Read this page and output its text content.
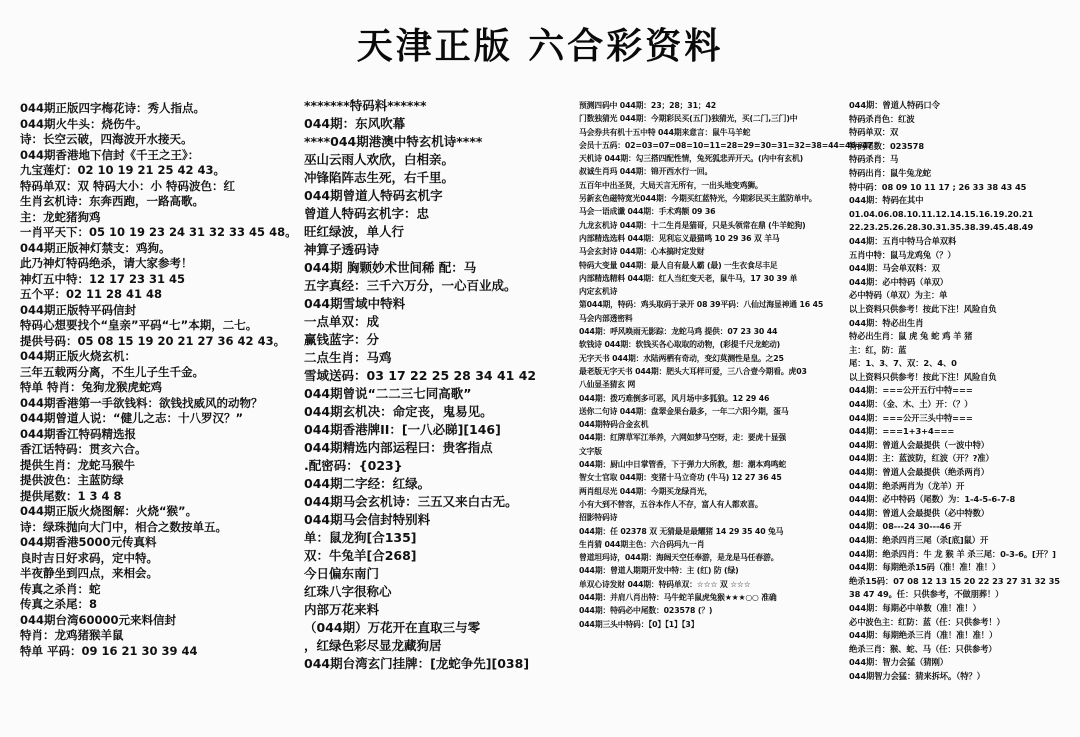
天津正版 六合彩资料
044期正版四字梅花诗：秀人指点。
044期火牛头：烧伤牛。
诗：长空云破，四海波开水接天。
044期香港地下信封《千王之王》：
九宝莲灯：02 10 19 21 25 42 43。
特码单双：双 特码大小：小 特码波色：红
生肖玄机诗：东奔西跑，一路高歌。
主：龙蛇猪狗鸡
一肖平天下：05 10 19 23 24 31 32 33 45 48。
044期正版神灯禁支：鸡狗。
此乃神灯特码绝杀，请大家参考！
神灯五中特：12 17 23 31 45
五个平：02 11 28 41 48
044期正版特平码信封
特码心想要找个“皇亲”平码“七”本期，二七。
提供号码：05 08 15 19 20 21 27 36 42 43。
044期正版火烧玄机：
三年五载两分离，不生儿子生千金。
特单 特肖：兔狗龙猴虎蛇鸡
044期香港第一手欲钱料：欲钱找威风的动物？
044期曾道人说：“健儿之志：十八罗汉？”
044期香江特码精选报
香江话特码：贯亥六合。
提供生肖：龙蛇马猴牛
提供波色：主蓝防绿
提供尾数：1 3 4 8
044期正版火烧图解：火烧“猴”。
诗：绿珠抛向大门中，相合之数按单五。
044期香港5000元传真料
良时吉日好求码，定中特。
半夜静坐到四点，来相会。
传真之杀肖：蛇
传真之杀尾：8
044期台湾60000元来料信封
特肖：龙鸡猪猴羊鼠
特单 平码：09 16 21 30 39 44
*******特码料******
044期：东风吹幕
****044期港澳中特玄机诗****
巫山云雨人欢欣，白相亲。
冲锋陷阵志生死，右千里。
044期曾道人特码玄机字
曾道人特码玄机字：忠
旺红绿波，单人行
神算子透码诗
044期 胸颗妙术世间稀 配：马
五字真经：三千六万分，一心百业成。
044期雪域中特料
一点单双：成
赢钱蓝字：分
二点生肖：马鸡
雪域送码：03 17 22 25 28 34 41 42
044期曾说“二二三七同高歌”
044期玄机决：命定丧，鬼易见。
044期香港牌II：[一八必睇][146]
044期精选内部运程曰：贵客指点
.配密码：{023}
044期二字经：红绿。
044期马会玄机诗：三五又来白古无。
044期马会信封特别料
单：鼠龙狗[合135]
双：牛兔羊[合268]
今日偏东南门
红珠八字很称心
内部万花来料
（044期）万花开在直取三与零
，红绿色彩尽显龙藏狗居
044期台湾玄门挂牌：[龙蛇争先][038]
预测四码中 044期：23；28；31；42
门数独猜光 044期：今期彩民买(五门)独猜光，买(二门,三门)中
马会券共有机十五中特 044期来意言：鼠牛马羊蛇
会员十五码：02=03=07=08=10=11=28=29=30=31=32=38=44=46=47
天机诗 044期：勾三搭四配性情，兔死狐悲弄开天。(内中有玄机)
叔诚生肖玛 044期：锦开西水行一回。
五百年中出圣贤，大局天言无所有，一出头地变鸡狮。
另新玄色磁特宽光044期：今期买红蓝特光，今期彩民买主蓝防单中。
马会一语成谶 044期：手术鸡额 09 36
九龙玄机诗 044期：十二生肖是猫哥，只是头领常在鼎 (牛羊蛇狗)
内部精选选料 044期：见利忘义最猫鸣 10 29 36 双 羊马
马会玄封诗 044期：心本搞时定发财
特码大变量 044期：最人自有最人霸 (最) 一生衣食尽丰足
内部精选精料 044期：红人当红变天老，鼠牛马，17 30 39 单
内定玄机诗
第044期，特码：鸡头取码于录开 08 39平码：八仙过海显神通 16 45
马会内部透密料
044期：呼风唤雨无影踪：龙蛇马鸡 提供：07 23 30 44
软钱诗 044期：软钱买各心取取的动物，(彩提千尺龙蛇动)
无字天书 044期：水陆两栖有奇动，变幻莫测性是皇。之25
最老版无字天书 044期：肥头大耳样可爱，三八合壹今期看。虎03
八仙显圣猜玄 网
044期：拨巧难倒多可恶，风月场中多狐狼。12 29 46
送你二句诗 044期：盘翠金果台最多，一年二六阳今期，蛋马
044期特码合金玄机
044期：红牌草军江举养，六网如梦马空呀，走：要虎十显强
文字版
044期：厨山中日掌管香，下于弹力大所教，想：潮本鸡鸣蛇
智女士官取 044期：变猪十马立奇功 (牛马) 12 27 36 45
两肖组尽光 044期：今期买龙绿肖光，
小有大到不替容，五谷本作人不存，富人有人都欢喜。
招影特码诗
044期：任 02378 双 无猜最是最耀猪 14 29 35 40 兔马
生肖猜 044期主色：六合码玛九一肖
曾道坦玛诗，044期：海阔天空任奉游，是龙是马任春游。
044期：曾道人期期开发中特：主 (红) 防 (绿)
单双心诗发财 044期：特码单双：☆☆☆ 双 ☆☆☆
044期：并肩八肖出特：马牛蛇羊鼠虎兔猴★★★○○ 准确
044期：特码必中尾数：023578 (？)
044期三头中特码：【0】【1】【3】
044期：曾道人特码口令
特码杀肖色：红波
特码单双：双
特码尾数：023578
特码杀肖：马
特码出肖：鼠牛兔龙蛇
特中码：08 09 10 11 17 ; 26 33 38 43 45
044期：特码在其中
01.04.06.08.10.11.12.14.15.16.19.20.21
22.23.25.26.28.30.31.35.38.39.45.48.49
044期：五肖中特马合单双料
五肖中特：鼠马龙鸡兔（？）
044期：马会单双料：双
044期：必中特码（单双）
必中特码（单双）为主：单
以上资料只供参考！按此下注！风险自负
044期：特必出生肖
特必出生肖：鼠 虎 兔 蛇 鸡 羊 猪
主：红，防：蓝
尾：1、3、7、双：2、4、0
以上资料只供参考！按此下注！风险自负
044期：===公开五行中特===
044期：（金、木、土）开：（？）
044期：===公开三头中特===
044期：===1+3+4===
044期：曾道人会最提供（一波中特）
044期：主：蓝波防，红波（开？?准）
044期：曾道人会最提供（绝杀两肖）
044期：绝杀两肖为（龙羊）开
044期：必中特码（尾数）为：1-4-5-6-7-8
044期：曾道人会最提供（必中特数）
044期：08---24 30---46 开
044期：绝杀四肖三尾（杀[底]鼠）开
044期：绝杀四肖：牛 龙 猴 羊 杀三尾：0-3-6。[开？]
044期：每期绝杀15码（准！准！准！）
绝杀15码：07 08 12 13 15 20 22 23 27 31 32 35
38 47 49。任：只供参考，不做朋葬！）
044期：每期必中单数（准！准！）
必中波色主：红防：蓝（任：只供参考！）
044期：每期绝杀三肖（准！准！准！）
绝杀三肖：猴、蛇、马（任：只供参考）
044期：智力会猛（猜刚）
044期智力会猛：猜来拆坏。（特？）
